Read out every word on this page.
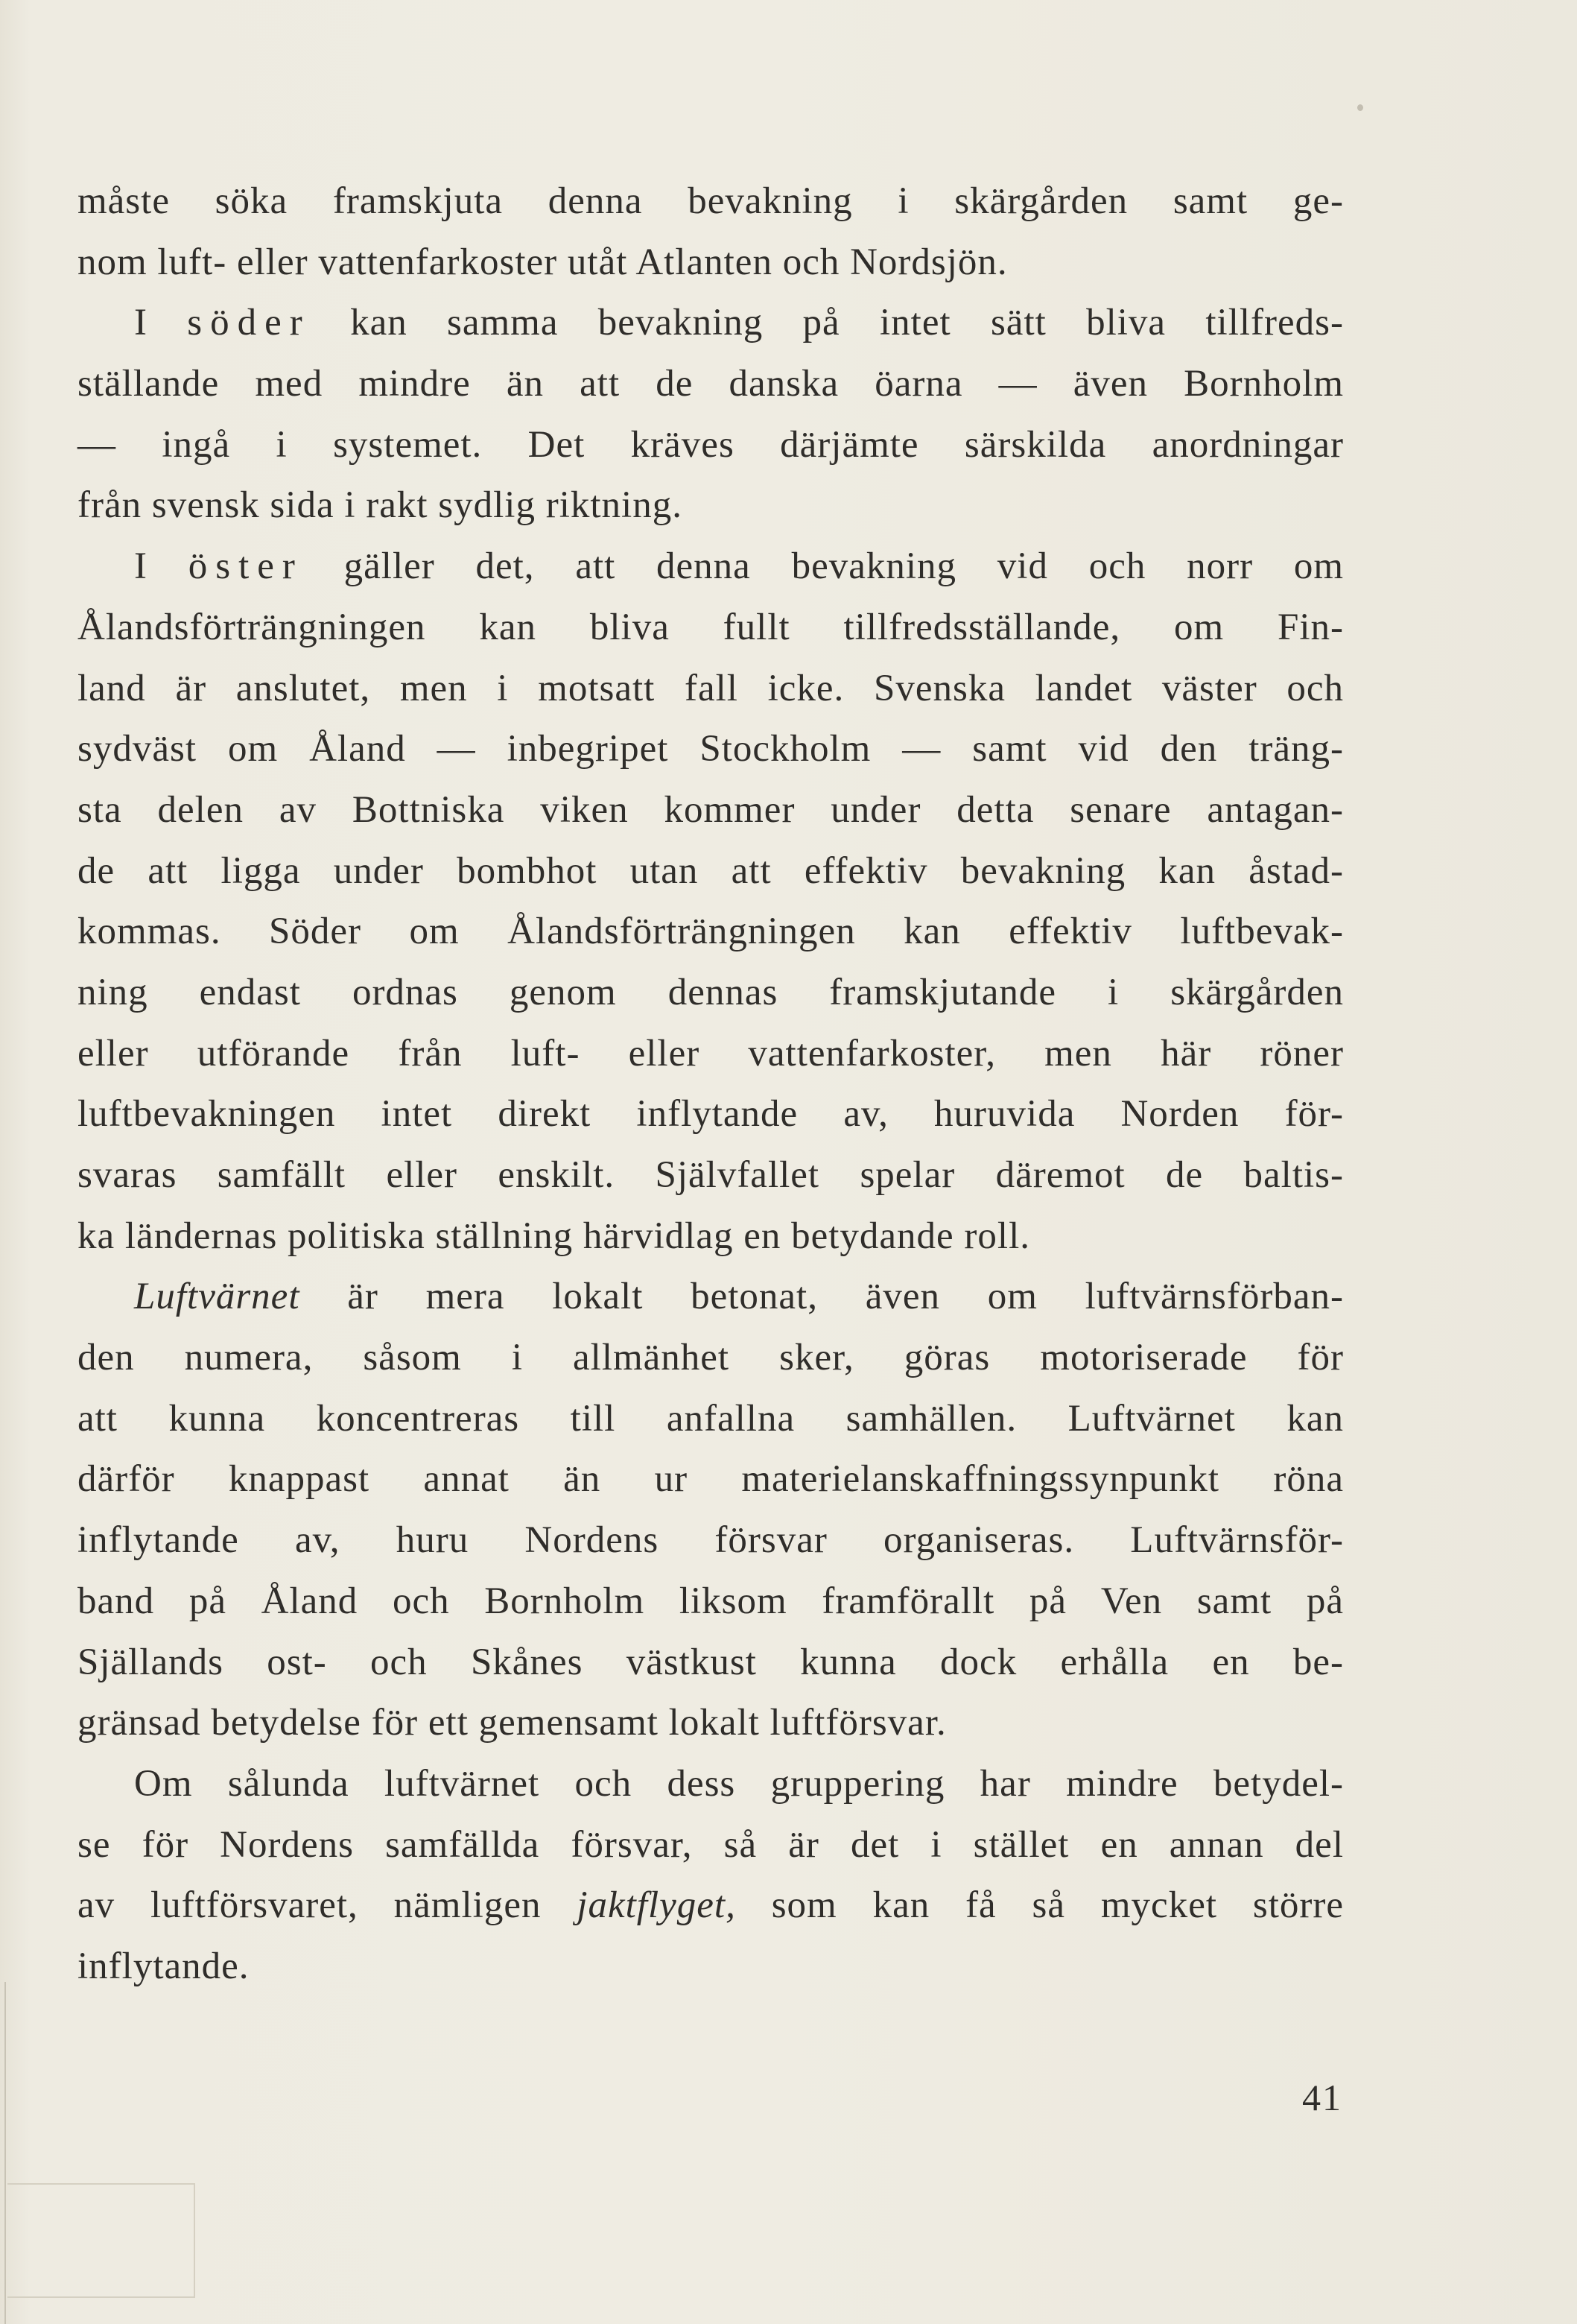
måste söka framskjuta denna bevakning i skärgården samt ge-
nom luft- eller vattenfarkoster utåt Atlanten och Nordsjön.
I söder kan samma bevakning på intet sätt bliva tillfreds-
ställande med mindre än att de danska öarna — även Bornholm
— ingå i systemet. Det kräves därjämte särskilda anordningar
från svensk sida i rakt sydlig riktning.
I öster gäller det, att denna bevakning vid och norr om
Ålandsförträngningen kan bliva fullt tillfredsställande, om Fin-
land är anslutet, men i motsatt fall icke. Svenska landet väster och
sydväst om Åland — inbegripet Stockholm — samt vid den träng-
sta delen av Bottniska viken kommer under detta senare antagan-
de att ligga under bombhot utan att effektiv bevakning kan åstad-
kommas. Söder om Ålandsförträngningen kan effektiv luftbevak-
ning endast ordnas genom dennas framskjutande i skärgården
eller utförande från luft- eller vattenfarkoster, men här röner
luftbevakningen intet direkt inflytande av, huruvida Norden för-
svaras samfällt eller enskilt. Självfallet spelar däremot de baltis-
ka ländernas politiska ställning härvidlag en betydande roll.
Luftvärnet är mera lokalt betonat, även om luftvärnsförban-
den numera, såsom i allmänhet sker, göras motoriserade för
att kunna koncentreras till anfallna samhällen. Luftvärnet kan
därför knappast annat än ur materielanskaffningssynpunkt röna
inflytande av, huru Nordens försvar organiseras. Luftvärnsför-
band på Åland och Bornholm liksom framförallt på Ven samt på
Själlands ost- och Skånes västkust kunna dock erhålla en be-
gränsad betydelse för ett gemensamt lokalt luftförsvar.
Om sålunda luftvärnet och dess gruppering har mindre betydel-
se för Nordens samfällda försvar, så är det i stället en annan del
av luftförsvaret, nämligen jaktflyget, som kan få så mycket större
inflytande.
41
